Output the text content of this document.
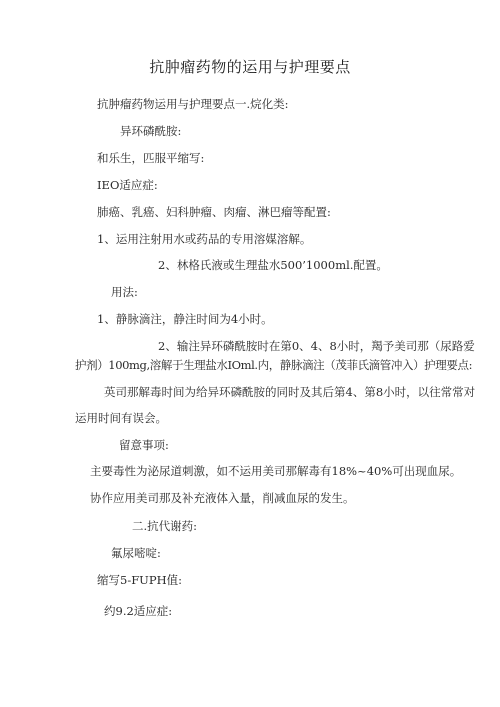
抗肿瘤药物的运用与护理要点
抗肿瘤药物运用与护理要点一.烷化类:
异环磷酰胺:
和乐生，匹服平缩写:
IEO适应症:
肺癌、乳癌、妇科肿瘤、肉瘤、淋巴瘤等配置:
1、运用注射用水或药品的专用溶媒溶解。
2、林格氏液或生理盐水500’1000ml.配置。
用法:
1、静脉滴注，静注时间为4小时。
2、输注异环磷酰胺时在第0、4、8小时，羯予美司那（尿路爱
护剂）100mg,溶解于生理盐水IOml.内，静脉滴注（茂菲氏滴管冲入）护理要点:
英司那解毒时间为给异环磷酰胺的同时及其后第4、第8小时，以往常常对
运用时间有误会。
留意事项:
主要毒性为泌尿道刺激，如不运用美司那解毒有18%~40%可出现血尿。
协作应用美司那及补充液体入量，削减血尿的发生。
二.抗代谢药:
氟尿嘧啶:
缩写5-FUPH值:
约9.2适应症:
